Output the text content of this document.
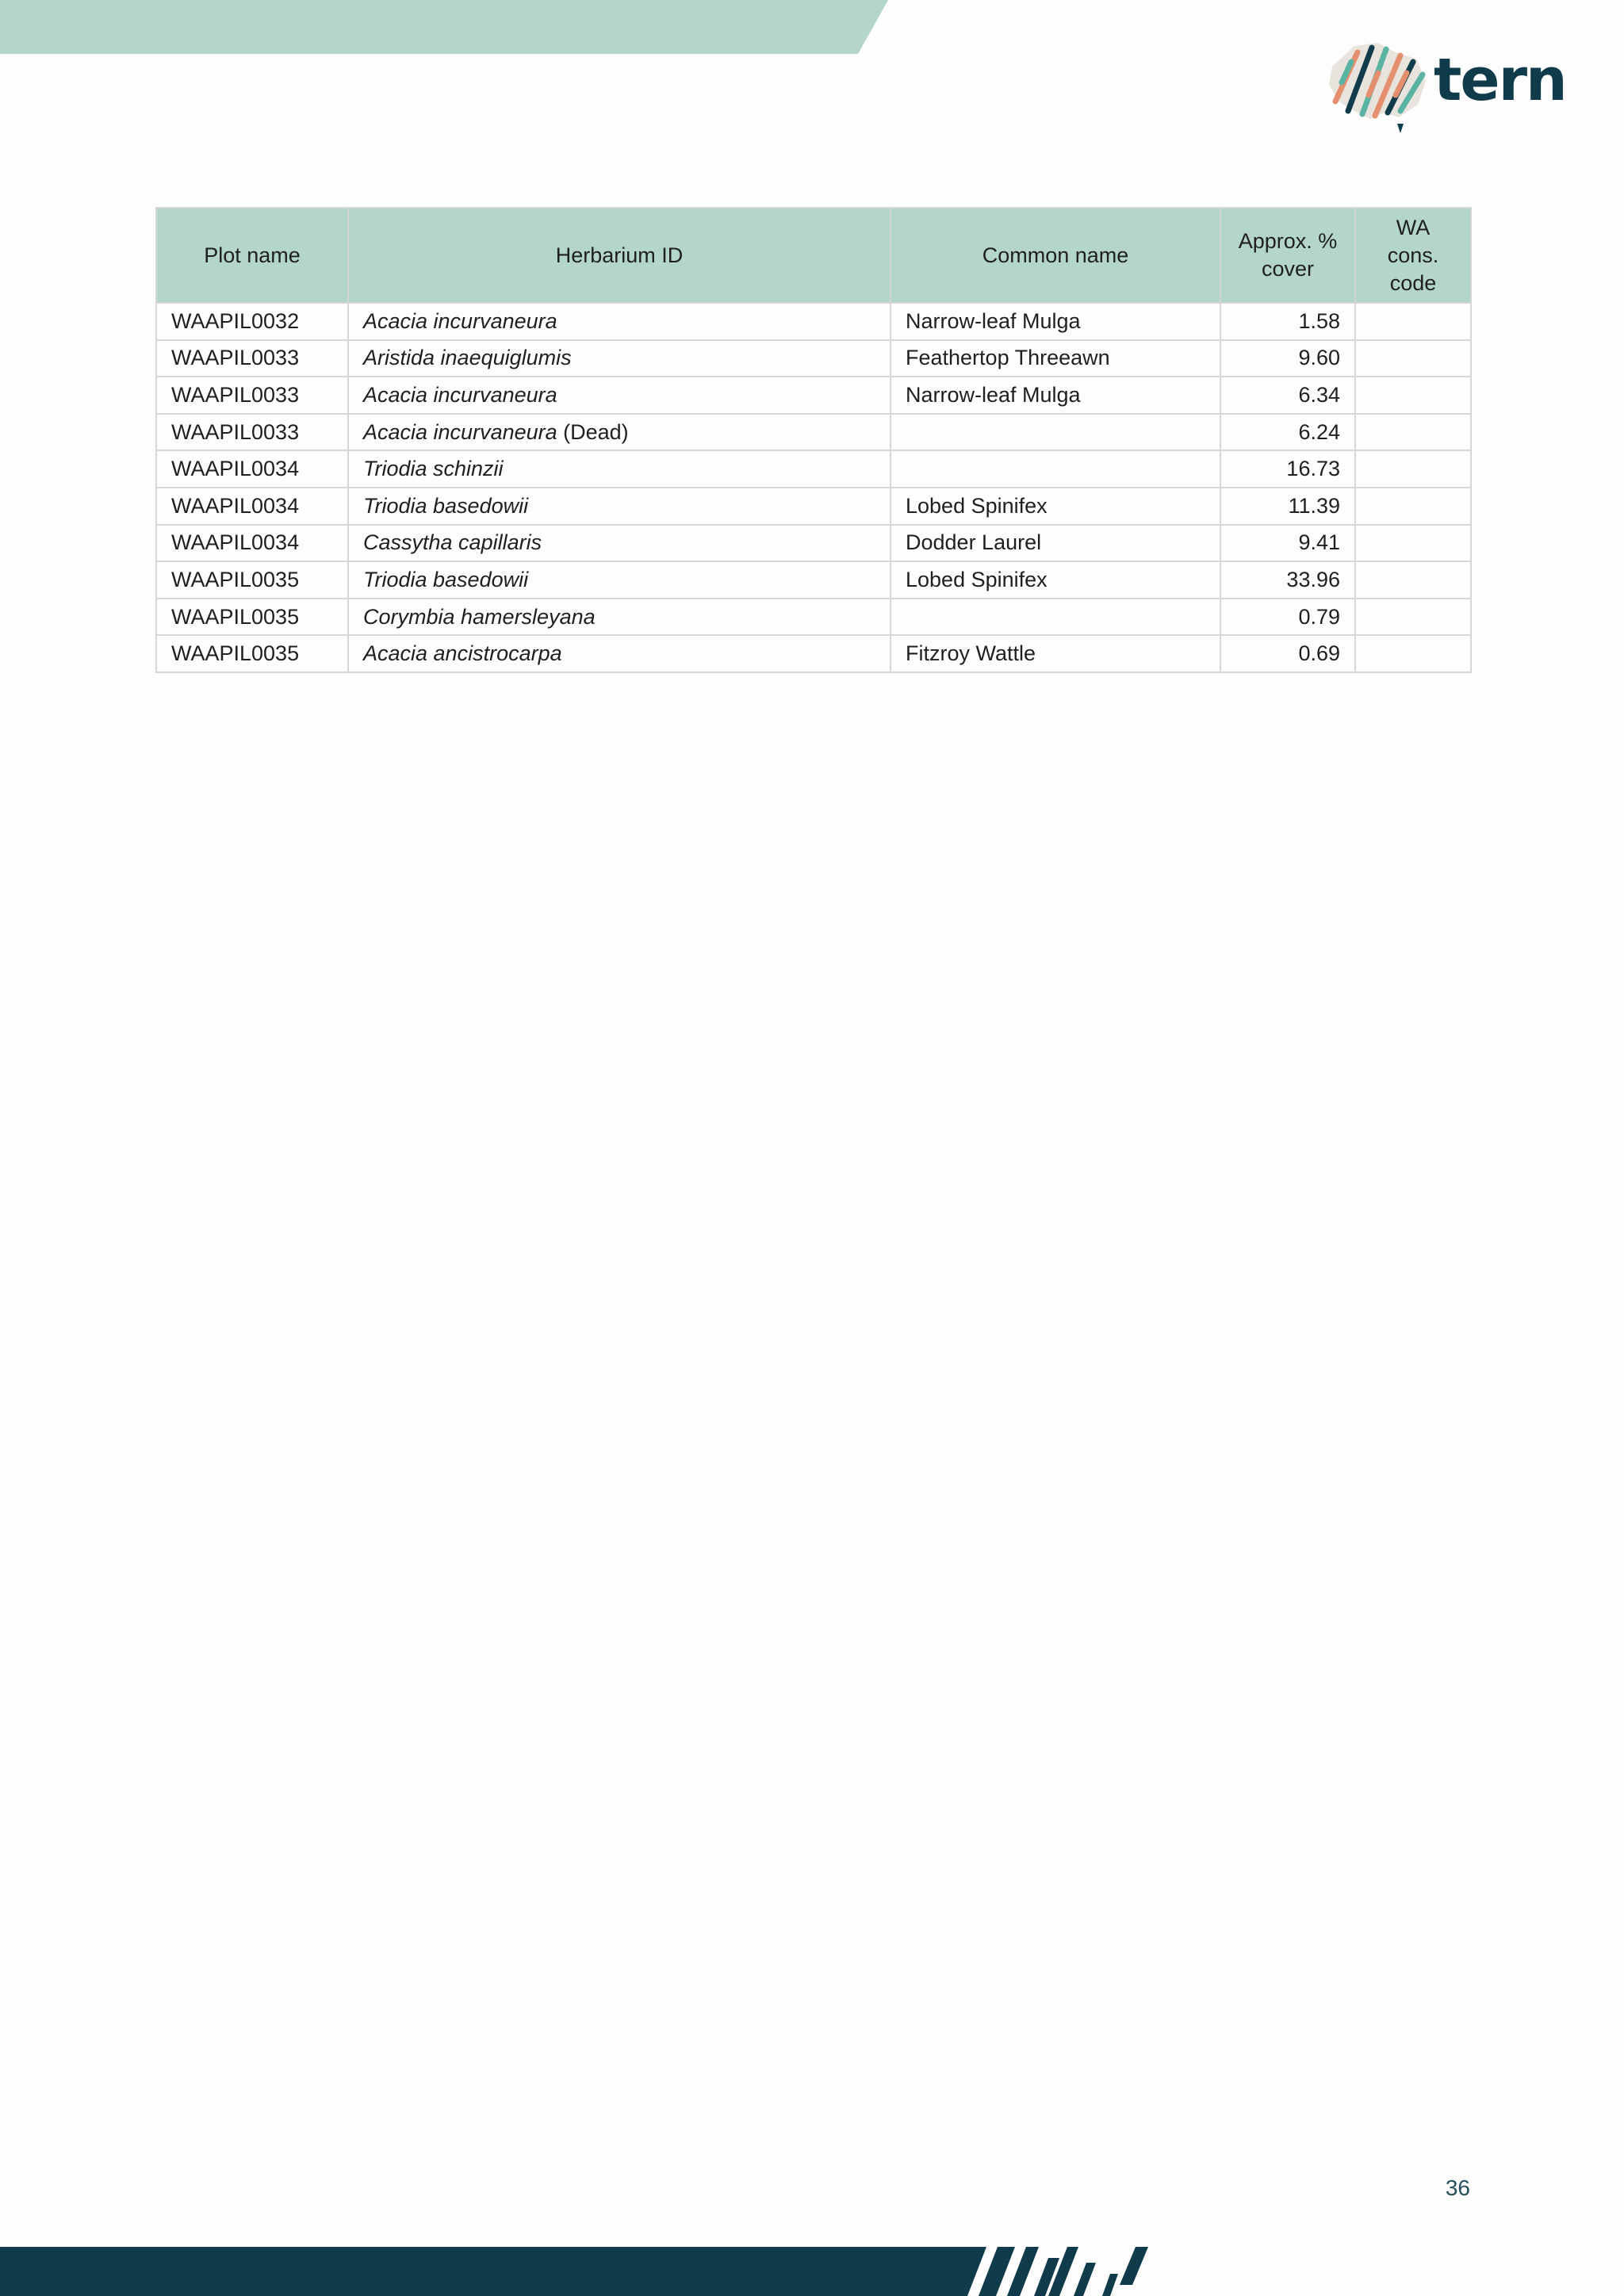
tern
Plot name	Herbarium ID	Common name	Approx. % cover	WA cons. code
WAAPIL0032	Acacia incurvaneura	Narrow-leaf Mulga	1.58	
WAAPIL0033	Aristida inaequiglumis	Feathertop Threeawn	9.60	
WAAPIL0033	Acacia incurvaneura	Narrow-leaf Mulga	6.34	
WAAPIL0033	Acacia incurvaneura (Dead)		6.24	
WAAPIL0034	Triodia schinzii		16.73	
WAAPIL0034	Triodia basedowii	Lobed Spinifex	11.39	
WAAPIL0034	Cassytha capillaris	Dodder Laurel	9.41	
WAAPIL0035	Triodia basedowii	Lobed Spinifex	33.96	
WAAPIL0035	Corymbia hamersleyana		0.79	
WAAPIL0035	Acacia ancistrocarpa	Fitzroy Wattle	0.69	
36
